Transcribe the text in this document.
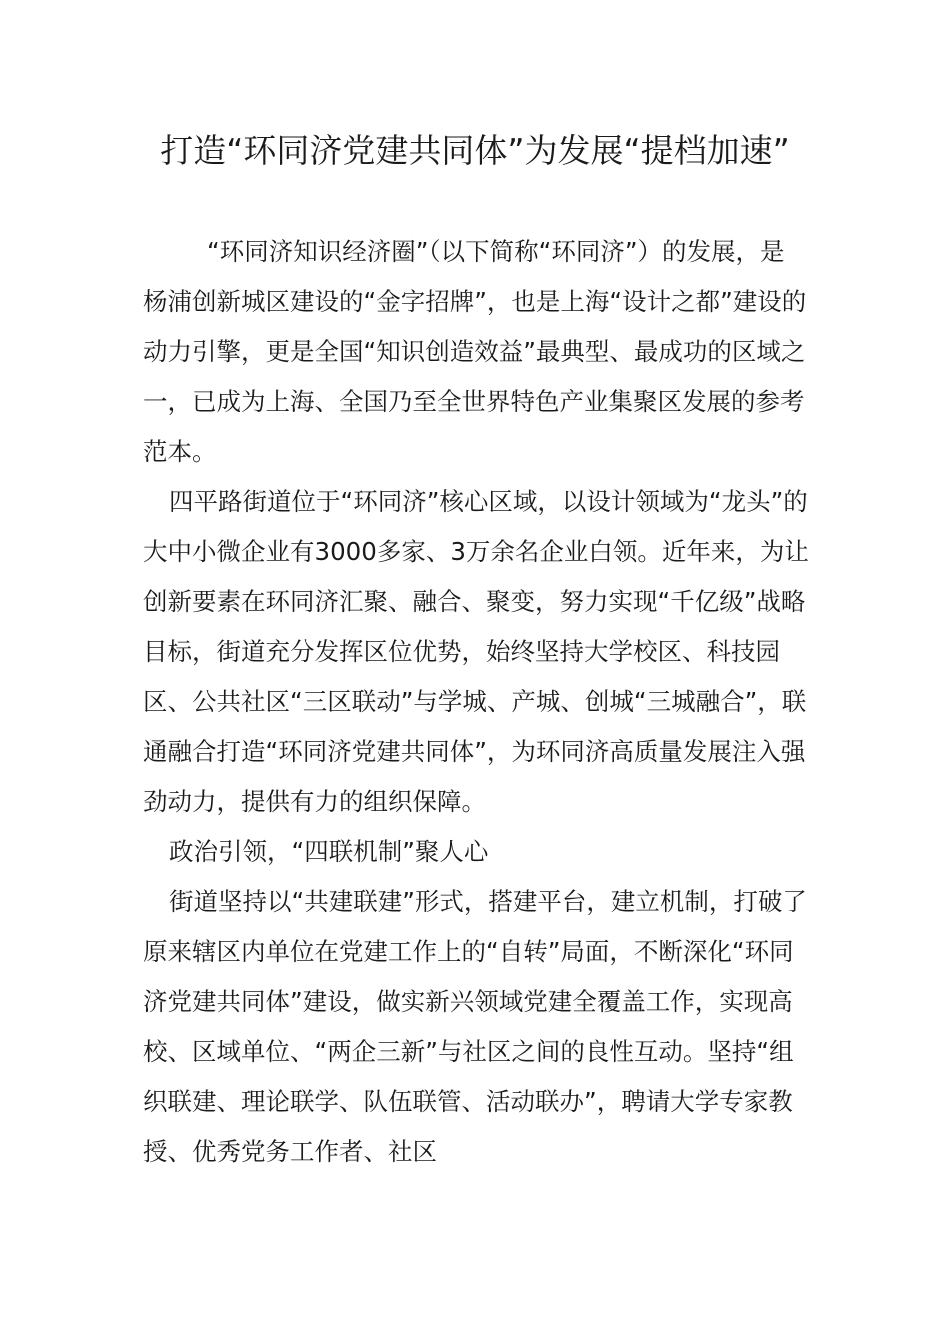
打造“环同济党建共同体”为发展“提档加速”

“环同济知识经济圈”（以下简称“环同济”）的发展，是杨浦创新城区建设的“金字招牌”，也是上海“设计之都”建设的动力引擎，更是全国“知识创造效益”最典型、最成功的区域之一，已成为上海、全国乃至全世界特色产业集聚区发展的参考范本。

四平路街道位于“环同济”核心区域，以设计领域为“龙头”的大中小微企业有3000多家、3万余名企业白领。近年来，为让创新要素在环同济汇聚、融合、聚变，努力实现“千亿级”战略目标，街道充分发挥区位优势，始终坚持大学校区、科技园区、公共社区“三区联动”与学城、产城、创城“三城融合”，联通融合打造“环同济党建共同体”，为环同济高质量发展注入强劲动力，提供有力的组织保障。

政治引领，“四联机制”聚人心

街道坚持以“共建联建”形式，搭建平台，建立机制，打破了原来辖区内单位在党建工作上的“自转”局面，不断深化“环同济党建共同体”建设，做实新兴领域党建全覆盖工作，实现高校、区域单位、“两企三新”与社区之间的良性互动。坚持“组织联建、理论联学、队伍联管、活动联办”，聘请大学专家教授、优秀党务工作者、社区
